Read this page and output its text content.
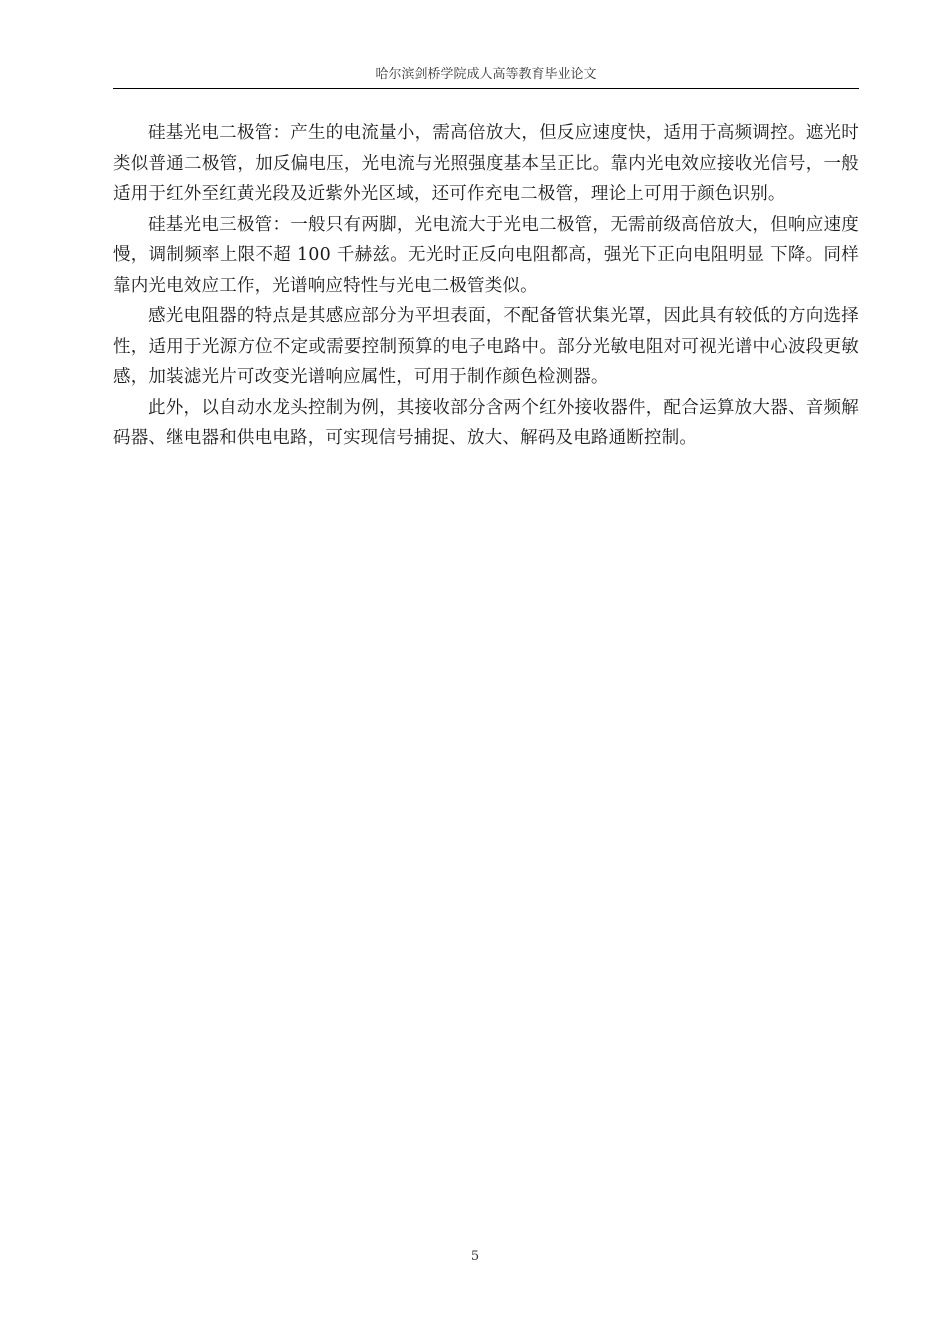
哈尔滨剑桥学院成人高等教育毕业论文

硅基光电二极管：产生的电流量小，需高倍放大，但反应速度快，适用于高频调控。遮光时类似普通二极管，加反偏电压，光电流与光照强度基本呈正比。靠内光电效应接收光信号，一般适用于红外至红黄光段及近紫外光区域，还可作充电二极管，理论上可用于颜色识别。

硅基光电三极管：一般只有两脚，光电流大于光电二极管，无需前级高倍放大，但响应速度慢，调制频率上限不超 100 千赫兹。无光时正反向电阻都高，强光下正向电阻明显 下降。同样靠内光电效应工作，光谱响应特性与光电二极管类似。

感光电阻器的特点是其感应部分为平坦表面，不配备管状集光罩，因此具有较低的方向选择性，适用于光源方位不定或需要控制预算的电子电路中。部分光敏电阻对可视光谱中心波段更敏感，加装滤光片可改变光谱响应属性，可用于制作颜色检测器。

此外，以自动水龙头控制为例，其接收部分含两个红外接收器件，配合运算放大器、音频解码器、继电器和供电电路，可实现信号捕捉、放大、解码及电路通断控制。

5
